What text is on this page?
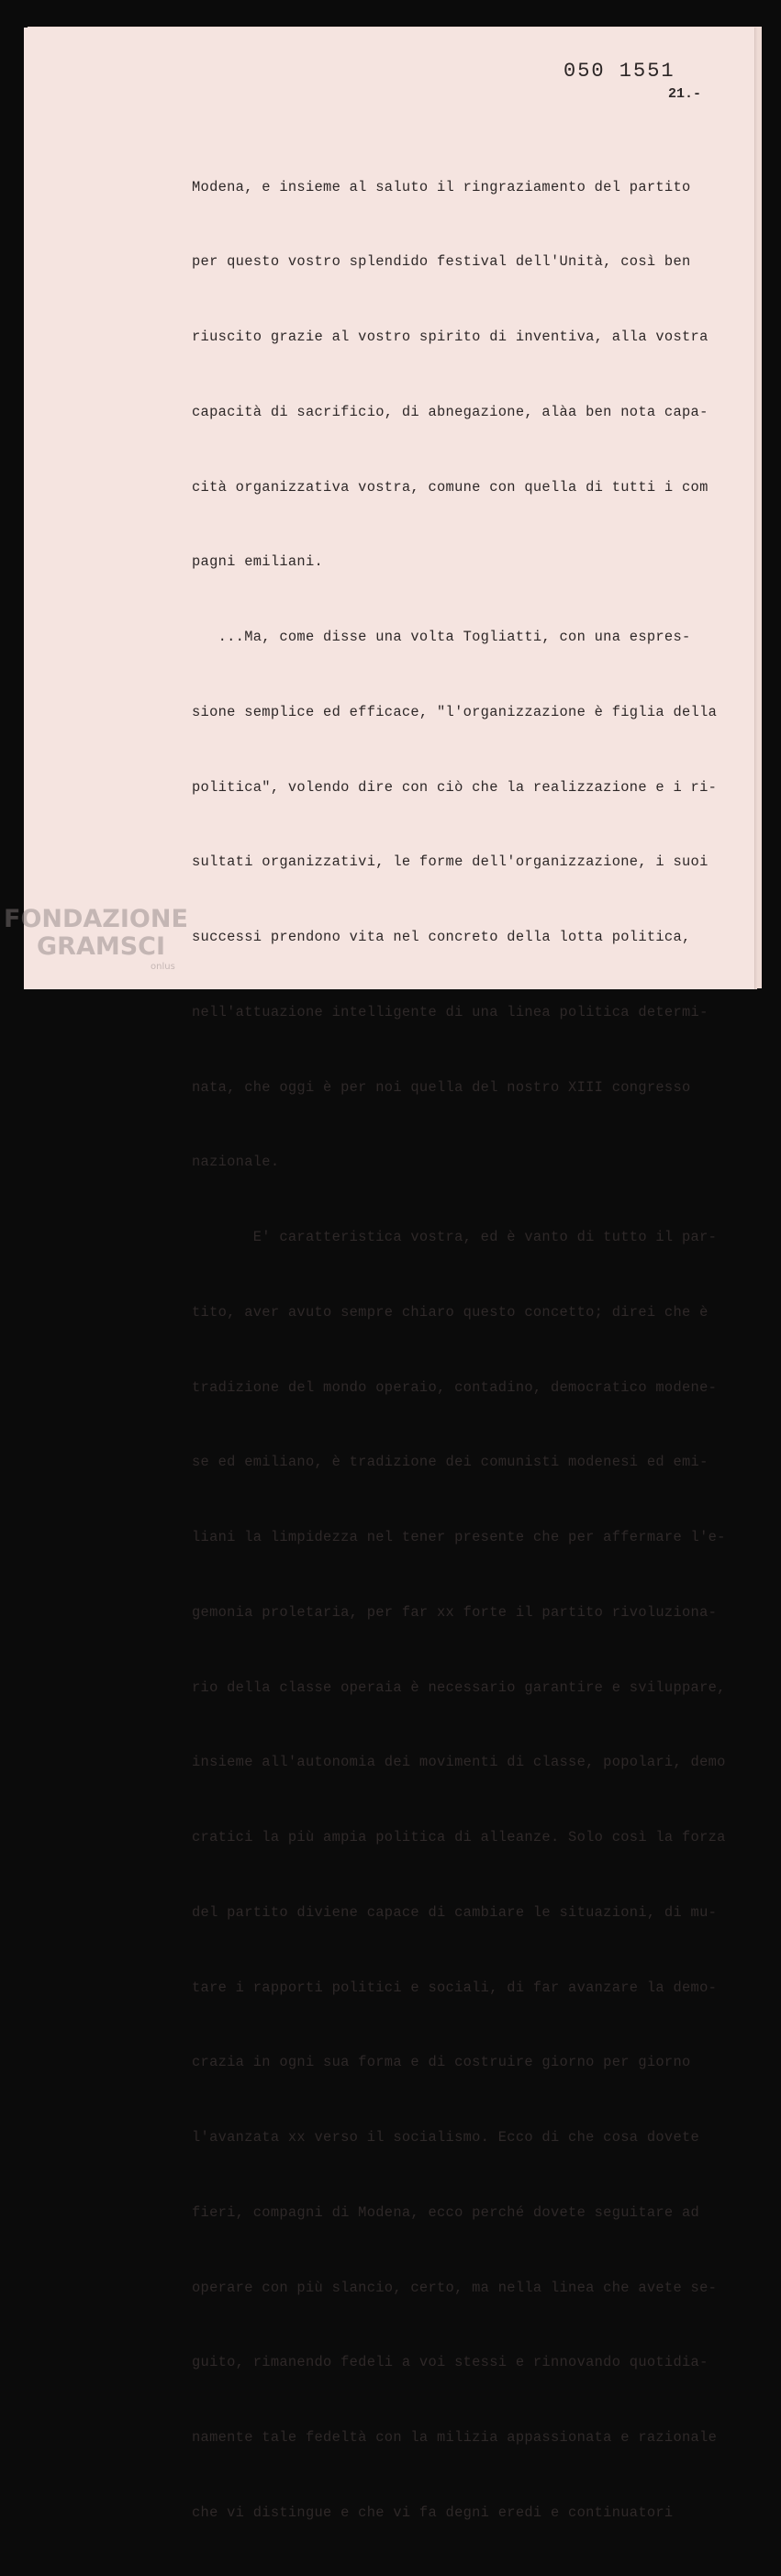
050 1551
21.-

Modena, e insieme al saluto il ringraziamento del partito

per questo vostro splendido festival dell'Unità, così ben

riuscito grazie al vostro spirito di inventiva, alla vostra

capacità di sacrificio, di abnegazione, alàa ben nota capa-

cità organizzativa vostra, comune con quella di tutti i com

pagni emiliani.

...Ma, come disse una volta Togliatti, con una espres-

sione semplice ed efficace, "l'organizzazione è figlia della

politica", volendo dire con ciò che la realizzazione e i ri-

sultati organizzativi, le forme dell'organizzazione, i suoi

successi prendono vita nel concreto della lotta politica,

nell'attuazione intelligente di una linea politica determi-

nata, che oggi è per noi quella del nostro XIII congresso

nazionale.

E' caratteristica vostra, ed è vanto di tutto il par-

tito, aver avuto sempre chiaro questo concetto; direi che è

tradizione del mondo operaio, contadino, democratico modene-

se ed emiliano, è tradizione dei comunisti modenesi ed emi-

liani la limpidezza nel tener presente che per affermare l'e-

gemonia proletaria, per far xx forte il partito rivoluziona-

rio della classe operaia è necessario garantire e sviluppare,

insieme all'autonomia dei movimenti di classe, popolari, demo

cratici la più ampia politica di alleanze. Solo così la forza

del partito diviene capace di cambiare le situazioni, di mu-

tare i rapporti politici e sociali, di far avanzare la demo-

crazia in ogni sua forma e di costruire giorno per giorno

l'avanzata xx verso il socialismo. Ecco di che cosa dovete

fieri, compagni di Modena, ecco perché dovete seguitare ad

operare con più slancio, certo, ma nella linea che avete se-

guito, rimanendo fedeli a voi stessi e rinnovando quotidia-

namente tale fedeltà con la milizia appassionata e razionale

che vi distingue e che vi fa degni eredi e continuatori

FONDAZIONE
GRAMSCI
onlus
